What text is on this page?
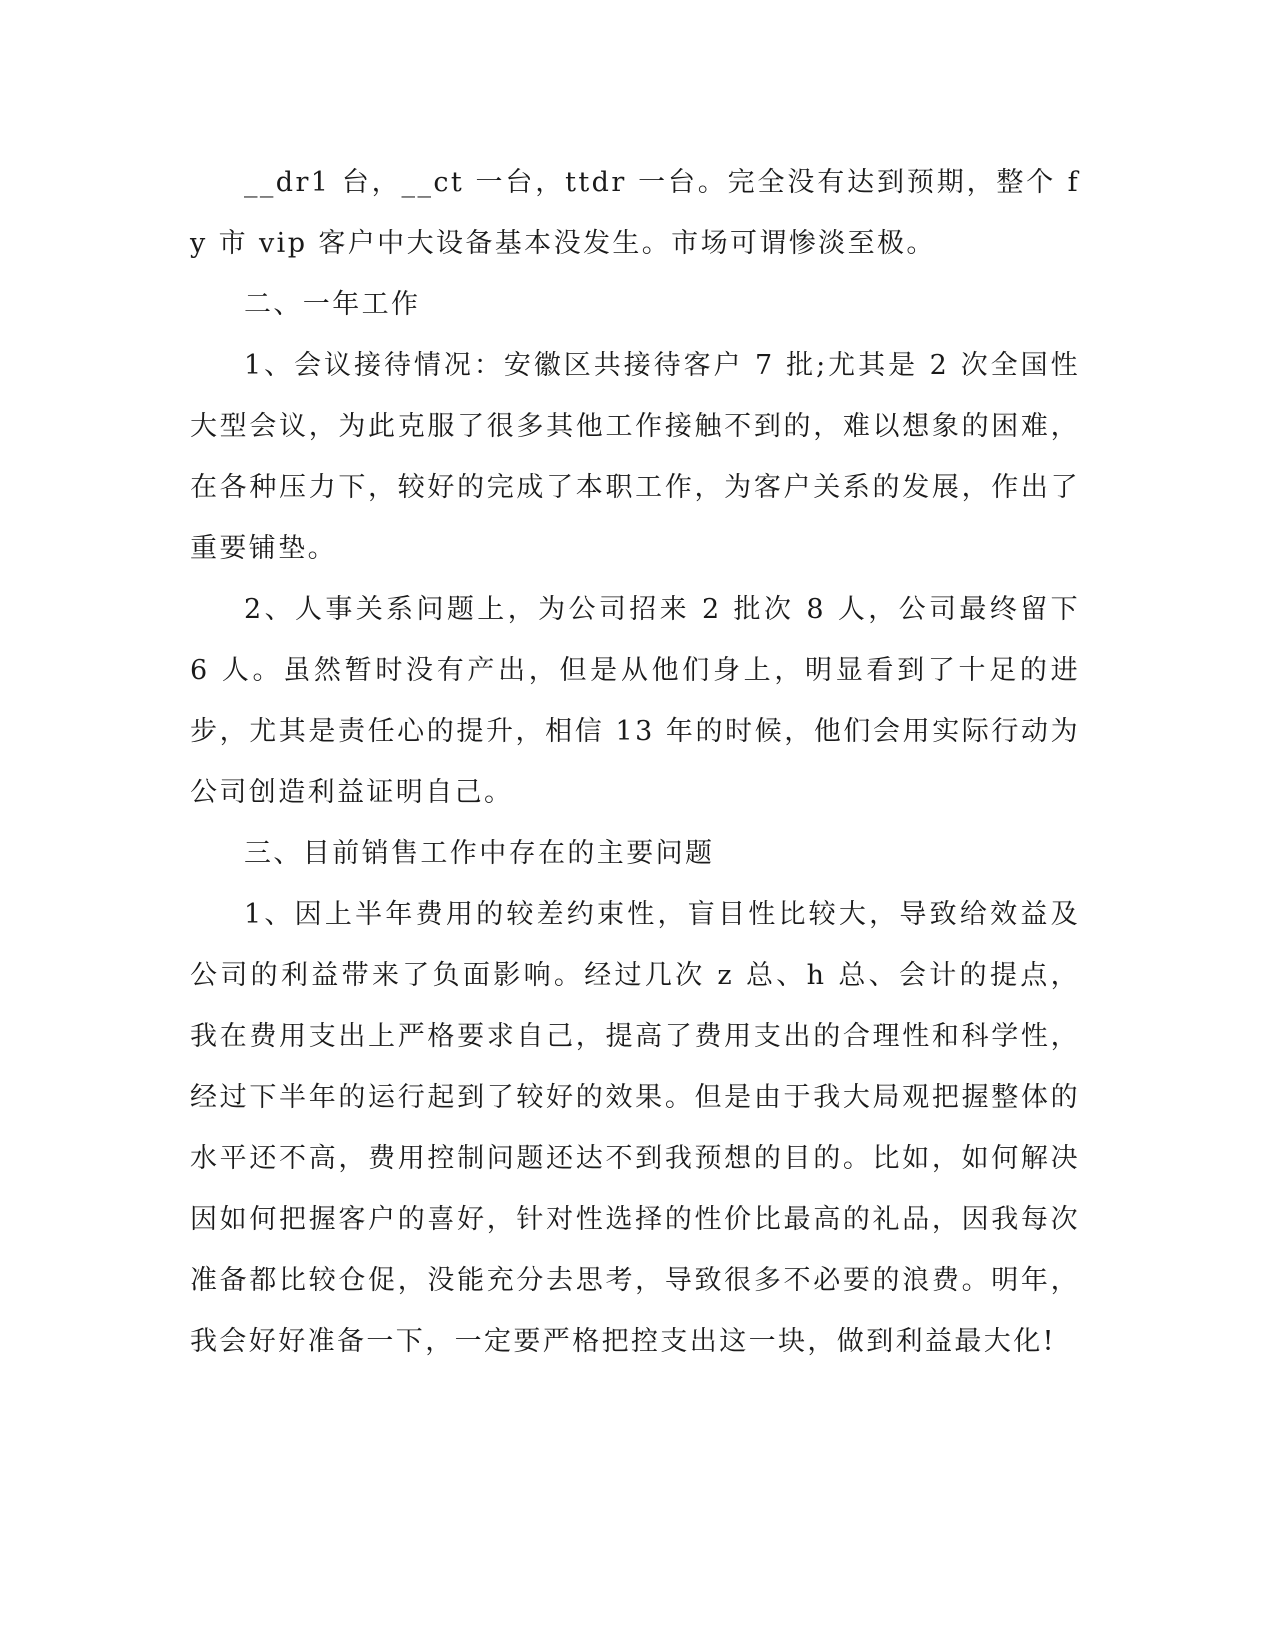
__dr1 台，__ct 一台，ttdr 一台。完全没有达到预期，整个 fy 市 vip 客户中大设备基本没发生。市场可谓惨淡至极。

二、一年工作

1、会议接待情况：安徽区共接待客户 7 批;尤其是 2 次全国性大型会议，为此克服了很多其他工作接触不到的，难以想象的困难，在各种压力下，较好的完成了本职工作，为客户关系的发展，作出了重要铺垫。

2、人事关系问题上，为公司招来 2 批次 8 人，公司最终留下 6 人。虽然暂时没有产出，但是从他们身上，明显看到了十足的进步，尤其是责任心的提升，相信 13 年的时候，他们会用实际行动为公司创造利益证明自己。

三、目前销售工作中存在的主要问题

1、因上半年费用的较差约束性，盲目性比较大，导致给效益及公司的利益带来了负面影响。经过几次 z 总、h 总、会计的提点，我在费用支出上严格要求自己，提高了费用支出的合理性和科学性，经过下半年的运行起到了较好的效果。但是由于我大局观把握整体的水平还不高，费用控制问题还达不到我预想的目的。比如，如何解决因如何把握客户的喜好，针对性选择的性价比最高的礼品，因我每次准备都比较仓促，没能充分去思考，导致很多不必要的浪费。明年，我会好好准备一下，一定要严格把控支出这一块，做到利益最大化!
